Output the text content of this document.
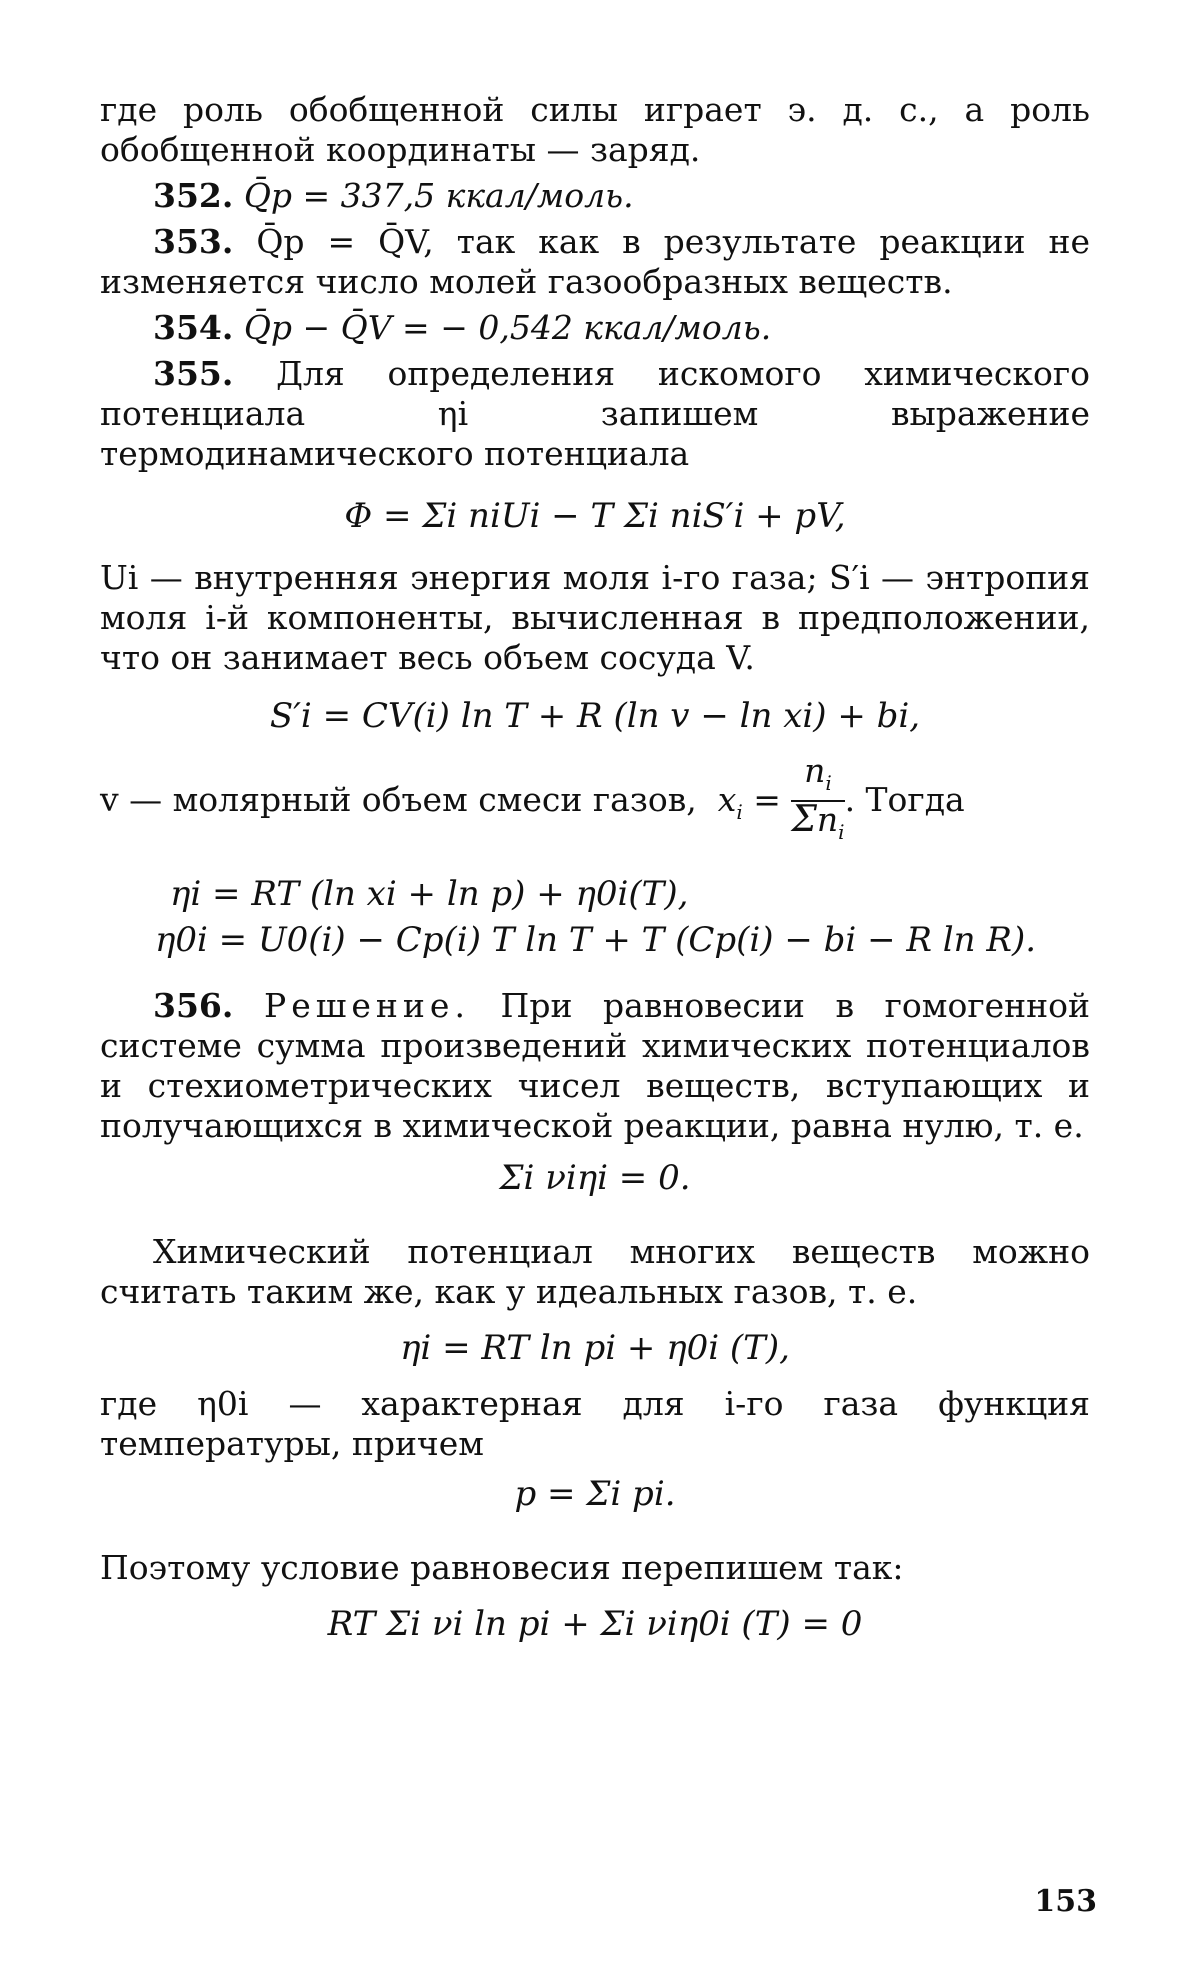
где роль обобщенной силы играет э. д. с., а роль обобщенной координаты — заряд.

352. Q̄p = 337,5 ккал/моль.

353. Q̄p = Q̄V, так как в результате реакции не изменяется число молей газообразных веществ.

354. Q̄p − Q̄V = − 0,542 ккал/моль.

355. Для определения искомого химического потенциала ηi запишем выражение термодинамического потенциала

Φ = Σi niUi − T Σi niS′i + pV,

Ui — внутренняя энергия моля i-го газа; S′i — энтропия моля i-й компоненты, вычисленная в предположении, что он занимает весь объем сосуда V.

S′i = CV(i) ln T + R (ln v − ln xi) + bi,

v — молярный объем смеси газов, $x_i = \frac{n_i}{\Sigma n_i}$ . Тогда

ηi = RT (ln xi + ln p) + η0i(T),
η0i = U0(i) − Cp(i) T ln T + T (Cp(i) − bi − R ln R).

356. Решение. При равновесии в гомогенной системе сумма произведений химических потенциалов и стехиометрических чисел веществ, вступающих и получающихся в химической реакции, равна нулю, т. е.

Σi νiηi = 0.

Химический потенциал многих веществ можно считать таким же, как у идеальных газов, т. е.

ηi = RT ln pi + η0i (T),

где η0i — характерная для i-го газа функция температуры, причем

p = Σi pi.

Поэтому условие равновесия перепишем так:

RT Σi νi ln pi + Σi νiη0i (T) = 0
153
